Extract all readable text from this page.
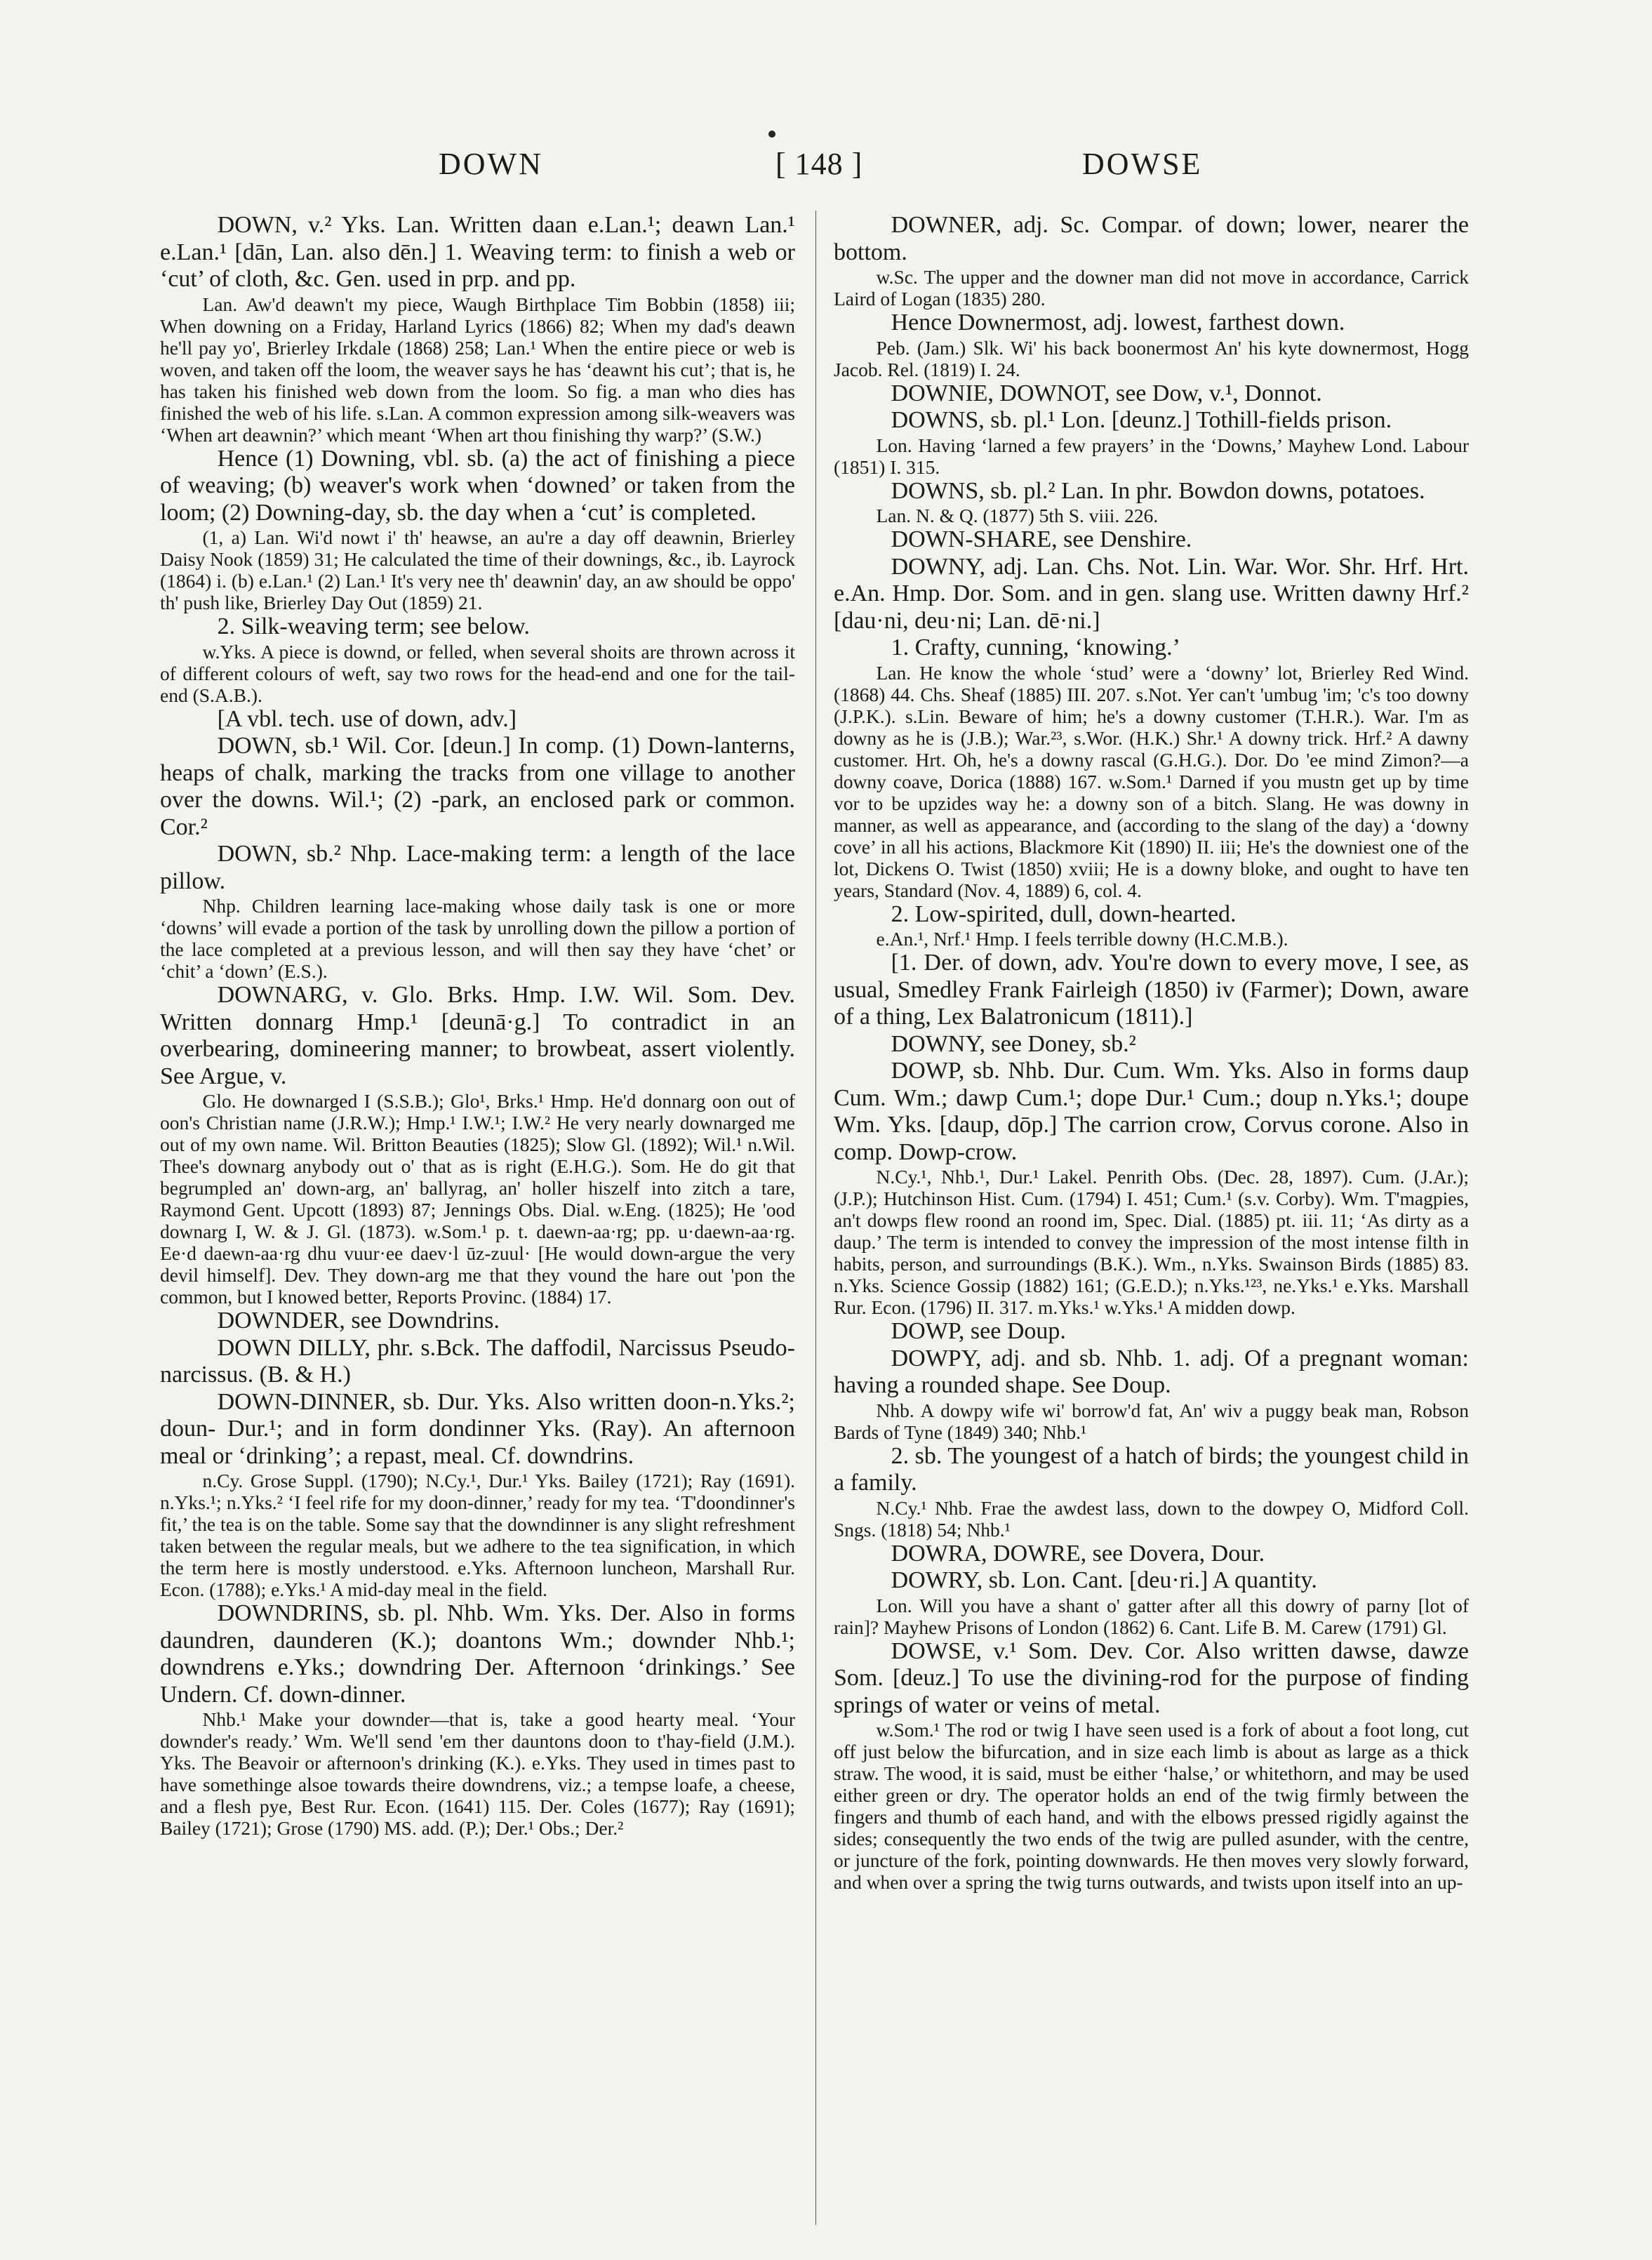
DOWN	[ 148 ]	DOWSE

DOWN, v.² Yks. Lan. Written daan e.Lan.¹; deawn Lan.¹ e.Lan.¹ [dān, Lan. also dēn.] 1. Weaving term: to finish a web or ‘cut’ of cloth, &c. Gen. used in prp. and pp.

Lan. Aw'd deawn't my piece, Waugh Birthplace Tim Bobbin (1858) iii; When downing on a Friday, Harland Lyrics (1866) 82; When my dad's deawn he'll pay yo', Brierley Irkdale (1868) 258; Lan.¹ When the entire piece or web is woven, and taken off the loom, the weaver says he has ‘deawnt his cut’; that is, he has taken his finished web down from the loom. So fig. a man who dies has finished the web of his life. s.Lan. A common expression among silk-weavers was ‘When art deawnin?’ which meant ‘When art thou finishing thy warp?’ (S.W.)

Hence (1) Downing, vbl. sb. (a) the act of finishing a piece of weaving; (b) weaver's work when ‘downed’ or taken from the loom; (2) Downing-day, sb. the day when a ‘cut’ is completed.

(1, a) Lan. Wi'd nowt i' th' heawse, an au're a day off deawnin, Brierley Daisy Nook (1859) 31; He calculated the time of their downings, &c., ib. Layrock (1864) i. (b) e.Lan.¹ (2) Lan.¹ It's very nee th' deawnin' day, an aw should be oppo' th' push like, Brierley Day Out (1859) 21.

2. Silk-weaving term; see below.

w.Yks. A piece is downd, or felled, when several shoits are thrown across it of different colours of weft, say two rows for the head-end and one for the tail-end (S.A.B.).

[A vbl. tech. use of down, adv.]

DOWN, sb.¹ Wil. Cor. [deun.] In comp. (1) Down-lanterns, heaps of chalk, marking the tracks from one village to another over the downs. Wil.¹; (2) -park, an enclosed park or common. Cor.²

DOWN, sb.² Nhp. Lace-making term: a length of the lace pillow.

Nhp. Children learning lace-making whose daily task is one or more ‘downs’ will evade a portion of the task by unrolling down the pillow a portion of the lace completed at a previous lesson, and will then say they have ‘chet’ or ‘chit’ a ‘down’ (E.S.).

DOWNARG, v. Glo. Brks. Hmp. I.W. Wil. Som. Dev. Written donnarg Hmp.¹ [deunā·g.] To contradict in an overbearing, domineering manner; to browbeat, assert violently. See Argue, v.

Glo. He downarged I (S.S.B.); Glo¹, Brks.¹ Hmp. He'd donnarg oon out of oon's Christian name (J.R.W.); Hmp.¹ I.W.¹; I.W.² He very nearly downarged me out of my own name. Wil. Britton Beauties (1825); Slow Gl. (1892); Wil.¹ n.Wil. Thee's downarg anybody out o' that as is right (E.H.G.). Som. He do git that begrumpled an' down-arg, an' ballyrag, an' holler hiszelf into zitch a tare, Raymond Gent. Upcott (1893) 87; Jennings Obs. Dial. w.Eng. (1825); He 'ood downarg I, W. & J. Gl. (1873). w.Som.¹ p. t. daewn-aa·rg; pp. u·daewn-aa·rg. Ee·d daewn-aa·rg dhu vuur·ee daev·l ūz-zuul· [He would down-argue the very devil himself]. Dev. They down-arg me that they vound the hare out 'pon the common, but I knowed better, Reports Provinc. (1884) 17.

DOWNDER, see Downdrins.

DOWN DILLY, phr. s.Bck. The daffodil, Narcissus Pseudo-narcissus. (B. & H.)

DOWN-DINNER, sb. Dur. Yks. Also written doon-n.Yks.²; doun- Dur.¹; and in form dondinner Yks. (Ray). An afternoon meal or ‘drinking’; a repast, meal. Cf. downdrins.

n.Cy. Grose Suppl. (1790); N.Cy.¹, Dur.¹ Yks. Bailey (1721); Ray (1691). n.Yks.¹; n.Yks.² ‘I feel rife for my doon-dinner,’ ready for my tea. ‘T'doondinner's fit,’ the tea is on the table. Some say that the downdinner is any slight refreshment taken between the regular meals, but we adhere to the tea signification, in which the term here is mostly understood. e.Yks. Afternoon luncheon, Marshall Rur. Econ. (1788); e.Yks.¹ A mid-day meal in the field.

DOWNDRINS, sb. pl. Nhb. Wm. Yks. Der. Also in forms daundren, daunderen (K.); doantons Wm.; downder Nhb.¹; downdrens e.Yks.; downdring Der. Afternoon ‘drinkings.’ See Undern. Cf. down-dinner.

Nhb.¹ Make your downder—that is, take a good hearty meal. ‘Your downder's ready.’ Wm. We'll send 'em ther dauntons doon to t'hay-field (J.M.). Yks. The Beavoir or afternoon's drinking (K.). e.Yks. They used in times past to have somethinge alsoe towards theire downdrens, viz.; a tempse loafe, a cheese, and a flesh pye, Best Rur. Econ. (1641) 115. Der. Coles (1677); Ray (1691); Bailey (1721); Grose (1790) MS. add. (P.); Der.¹ Obs.; Der.²

DOWNER, adj. Sc. Compar. of down; lower, nearer the bottom.

w.Sc. The upper and the downer man did not move in accordance, Carrick Laird of Logan (1835) 280.

Hence Downermost, adj. lowest, farthest down.

Peb. (Jam.) Slk. Wi' his back boonermost An' his kyte downermost, Hogg Jacob. Rel. (1819) I. 24.

DOWNIE, DOWNOT, see Dow, v.¹, Donnot.

DOWNS, sb. pl.¹ Lon. [deunz.] Tothill-fields prison.

Lon. Having ‘larned a few prayers’ in the ‘Downs,’ Mayhew Lond. Labour (1851) I. 315.

DOWNS, sb. pl.² Lan. In phr. Bowdon downs, potatoes.

Lan. N. & Q. (1877) 5th S. viii. 226.

DOWN-SHARE, see Denshire.

DOWNY, adj. Lan. Chs. Not. Lin. War. Wor. Shr. Hrf. Hrt. e.An. Hmp. Dor. Som. and in gen. slang use. Written dawny Hrf.² [dau·ni, deu·ni; Lan. dē·ni.]

1. Crafty, cunning, ‘knowing.’

Lan. He know the whole ‘stud’ were a ‘downy’ lot, Brierley Red Wind. (1868) 44. Chs. Sheaf (1885) III. 207. s.Not. Yer can't 'umbug 'im; 'c's too downy (J.P.K.). s.Lin. Beware of him; he's a downy customer (T.H.R.). War. I'm as downy as he is (J.B.); War.²³, s.Wor. (H.K.) Shr.¹ A downy trick. Hrf.² A dawny customer. Hrt. Oh, he's a downy rascal (G.H.G.). Dor. Do 'ee mind Zimon?—a downy coave, Dorica (1888) 167. w.Som.¹ Darned if you mustn get up by time vor to be upzides way he: a downy son of a bitch. Slang. He was downy in manner, as well as appearance, and (according to the slang of the day) a ‘downy cove’ in all his actions, Blackmore Kit (1890) II. iii; He's the downiest one of the lot, Dickens O. Twist (1850) xviii; He is a downy bloke, and ought to have ten years, Standard (Nov. 4, 1889) 6, col. 4.

2. Low-spirited, dull, down-hearted.

e.An.¹, Nrf.¹ Hmp. I feels terrible downy (H.C.M.B.).

[1. Der. of down, adv. You're down to every move, I see, as usual, Smedley Frank Fairleigh (1850) iv (Farmer); Down, aware of a thing, Lex Balatronicum (1811).]

DOWNY, see Doney, sb.²

DOWP, sb. Nhb. Dur. Cum. Wm. Yks. Also in forms daup Cum. Wm.; dawp Cum.¹; dope Dur.¹ Cum.; doup n.Yks.¹; doupe Wm. Yks. [daup, dōp.] The carrion crow, Corvus corone. Also in comp. Dowp-crow.

N.Cy.¹, Nhb.¹, Dur.¹ Lakel. Penrith Obs. (Dec. 28, 1897). Cum. (J.Ar.); (J.P.); Hutchinson Hist. Cum. (1794) I. 451; Cum.¹ (s.v. Corby). Wm. T'magpies, an't dowps flew roond an roond im, Spec. Dial. (1885) pt. iii. 11; ‘As dirty as a daup.’ The term is intended to convey the impression of the most intense filth in habits, person, and surroundings (B.K.). Wm., n.Yks. Swainson Birds (1885) 83. n.Yks. Science Gossip (1882) 161; (G.E.D.); n.Yks.¹²³, ne.Yks.¹ e.Yks. Marshall Rur. Econ. (1796) II. 317. m.Yks.¹ w.Yks.¹ A midden dowp.

DOWP, see Doup.

DOWPY, adj. and sb. Nhb. 1. adj. Of a pregnant woman: having a rounded shape. See Doup.

Nhb. A dowpy wife wi' borrow'd fat, An' wiv a puggy beak man, Robson Bards of Tyne (1849) 340; Nhb.¹

2. sb. The youngest of a hatch of birds; the youngest child in a family.

N.Cy.¹ Nhb. Frae the awdest lass, down to the dowpey O, Midford Coll. Sngs. (1818) 54; Nhb.¹

DOWRA, DOWRE, see Dovera, Dour.

DOWRY, sb. Lon. Cant. [deu·ri.] A quantity.

Lon. Will you have a shant o' gatter after all this dowry of parny [lot of rain]? Mayhew Prisons of London (1862) 6. Cant. Life B. M. Carew (1791) Gl.

DOWSE, v.¹ Som. Dev. Cor. Also written dawse, dawze Som. [deuz.] To use the divining-rod for the purpose of finding springs of water or veins of metal.

w.Som.¹ The rod or twig I have seen used is a fork of about a foot long, cut off just below the bifurcation, and in size each limb is about as large as a thick straw. The wood, it is said, must be either ‘halse,’ or whitethorn, and may be used either green or dry. The operator holds an end of the twig firmly between the fingers and thumb of each hand, and with the elbows pressed rigidly against the sides; consequently the two ends of the twig are pulled asunder, with the centre, or juncture of the fork, pointing downwards. He then moves very slowly forward, and when over a spring the twig turns outwards, and twists upon itself into an up-
